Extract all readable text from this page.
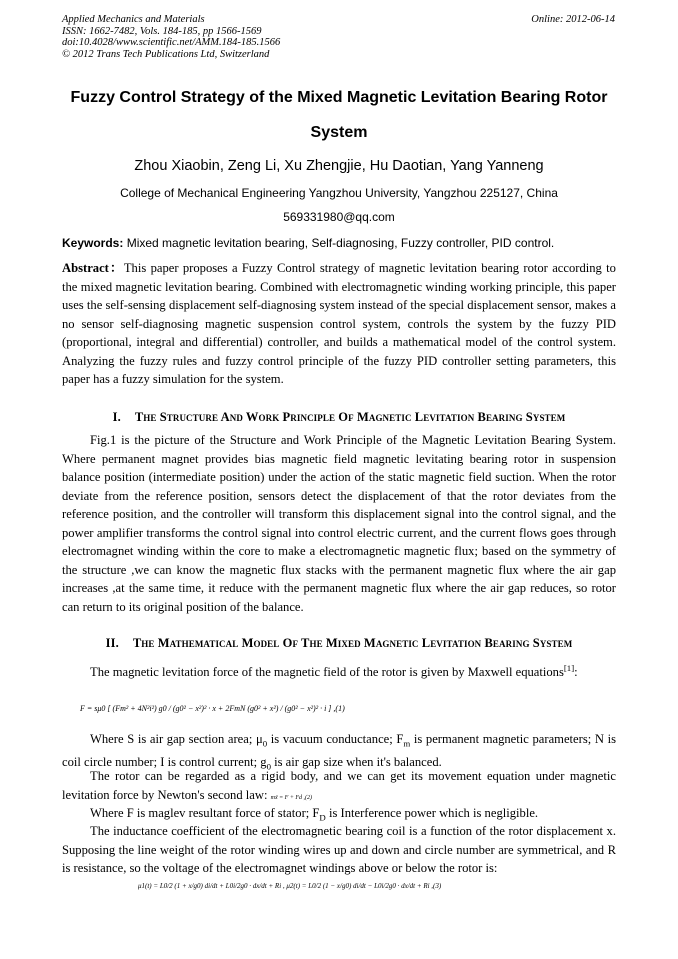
Applied Mechanics and Materials
ISSN: 1662-7482, Vols. 184-185, pp 1566-1569
doi:10.4028/www.scientific.net/AMM.184-185.1566
© 2012 Trans Tech Publications Ltd, Switzerland
Online: 2012-06-14
Fuzzy Control Strategy of the Mixed Magnetic Levitation Bearing Rotor
System
Zhou Xiaobin, Zeng Li, Xu Zhengjie, Hu Daotian, Yang Yanneng
College of Mechanical Engineering Yangzhou University, Yangzhou 225127, China
569331980@qq.com
Keywords: Mixed magnetic levitation bearing, Self-diagnosing, Fuzzy controller, PID control.
Abstract：This paper proposes a Fuzzy Control strategy of magnetic levitation bearing rotor according to the mixed magnetic levitation bearing. Combined with electromagnetic winding working principle, this paper uses the self-sensing displacement self-diagnosing system instead of the special displacement sensor, makes a no sensor self-diagnosing magnetic suspension control system, controls the system by the fuzzy PID (proportional, integral and differential) controller, and builds a mathematical model of the control system. Analyzing the fuzzy rules and fuzzy control principle of the fuzzy PID controller setting parameters, this paper has a fuzzy simulation for the system.
I. The Structure And Work Principle Of Magnetic Levitation Bearing System
Fig.1 is the picture of the Structure and Work Principle of the Magnetic Levitation Bearing System. Where permanent magnet provides bias magnetic field magnetic levitating bearing rotor in suspension balance position (intermediate position) under the action of the static magnetic field suction. When the rotor deviate from the reference position, sensors detect the displacement of that the rotor deviates from the reference position, and the controller will transform this displacement signal into the control signal, and the power amplifier transforms the control signal into control electric current, and the current flows goes through electromagnet winding within the core to make a electromagnetic magnetic flux; based on the symmetry of the structure ,we can know the magnetic flux stacks with the permanent magnetic flux where the air gap increases ,at the same time, it reduce with the permanent magnetic flux where the air gap reduces, so rotor can return to its original position of the balance.
II. The Mathematical Model Of The Mixed Magnetic Levitation Bearing System
The magnetic levitation force of the magnetic field of the rotor is given by Maxwell equations[1]:
F = sμ0 [ (Fm² + 4N²i²) g0 / (g0² − x²)² · x + 2FmN (g0² + x²) / (g0² − x²)² · i ] ,(1)
Where S is air gap section area; $\mu_0$ is vacuum conductance; $F_m$ is permanent magnetic parameters; N is coil circle number; I is control current; $g_0$ is air gap size when it's balanced.
The rotor can be regarded as a rigid body, and we can get its movement equation under magnetic levitation force by Newton's second law: mẍ = F + Fd ,(2)
Where F is maglev resultant force of stator; $F_D$ is Interference power which is negligible.
The inductance coefficient of the electromagnetic bearing coil is a function of the rotor displacement x. Supposing the line weight of the rotor winding wires up and down and circle number are symmetrical, and R is resistance, so the voltage of the electromagnet windings above or below the rotor is:
μ1(t) = L0/2 (1 + x/g0) di/dt + L0i/2g0 · dx/dt + Ri , μ2(t) = L0/2 (1 − x/g0) di/dt − L0i/2g0 · dx/dt + Ri ,(3)
